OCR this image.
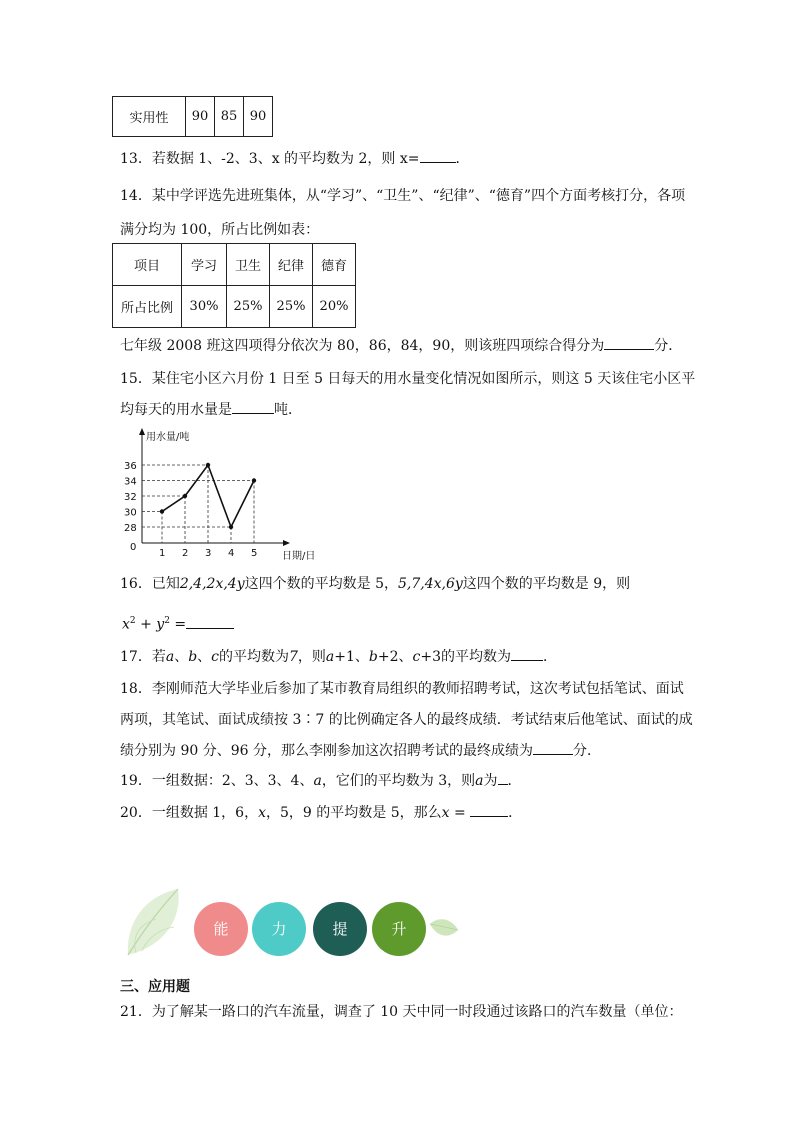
实用性	90	85	90
13．若数据 1、-2、3、x 的平均数为 2，则 x=	．
14．某中学评选先进班集体，从“学习”、“卫生”、“纪律”、“德育”四个方面考核打分，各项
满分均为 100，所占比例如表：
项目	学习	卫生	纪律	德育
所占比例	30%	25%	25%	20%
七年级 2008 班这四项得分依次为 80，86，84，90，则该班四项综合得分为	分．
15．某住宅小区六月份 1 日至 5 日每天的用水量变化情况如图所示，则这 5 天该住宅小区平
均每天的用水量是	吨．
用水量/吨
日期/日
0
36
34
32
30
28
1 2 3 4 5
16．已知2,4,2x,4y这四个数的平均数是 5，5,7,4x,6y这四个数的平均数是 9，则
$x^2 + y^2$ =
17．若a、b、c的平均数为7，则a+1、b+2、c+3的平均数为 ．
18．李刚师范大学毕业后参加了某市教育局组织的教师招聘考试，这次考试包括笔试、面试
两项，其笔试、面试成绩按 3∶7 的比例确定各人的最终成绩．考试结束后他笔试、面试的成
绩分别为 90 分、96 分，那么李刚参加这次招聘考试的最终成绩为	分．
19．一组数据：2、3、3、4、a，它们的平均数为 3，则a为 ．
20．一组数据 1，6，x，5，9 的平均数是 5，那么x =	．
能	力	提	升
三、应用题
21．为了解某一路口的汽车流量，调查了 10 天中同一时段通过该路口的汽车数量（单位：
